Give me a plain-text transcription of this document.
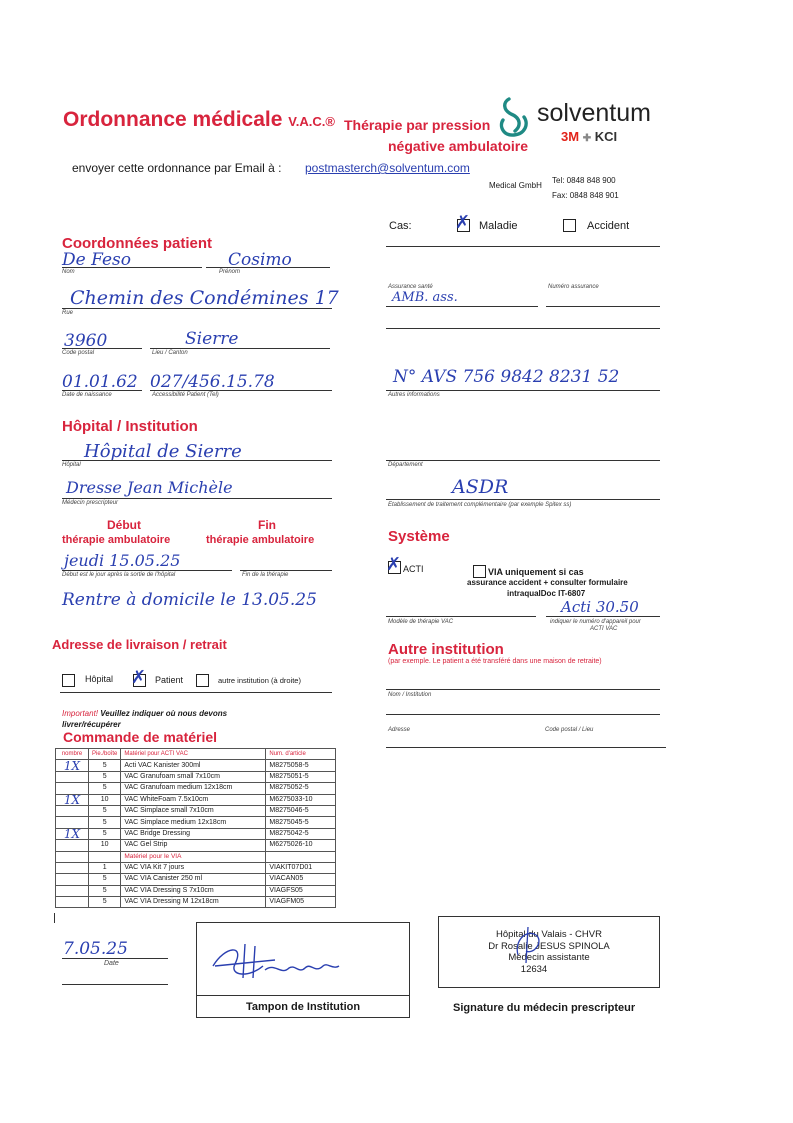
Ordonnance médicale V.A.C.® Thérapie par pression
négative ambulatoire
solventum
3M ✚ KCI
envoyer cette ordonnance par Email à : postmasterch@solventum.com
Medical GmbH
Tel: 0848 848 900
Fax: 0848 848 901
Cas: ✗ Maladie	Accident
Coordonnées patient
De Feso
Nom
Cosimo
Prénom
Chemin des Condémines 17
Rue
3960
Code postal
Sierre
Lieu / Canton
01.01.62
Date de naissance
027/456.15.78
Accessibilité Patient (Tel)
Assurance santé
AMB. ass.
Numéro assurance
N° AVS 756 9842 8231 52
Autres informations
Hôpital / Institution
Hôpital de Sierre
Hôpital
Dresse Jean Michèle
Médecin prescripteur
Département
ASDR
Etablissement de traitement complémentaire (par exemple Spitex ss)
Début	Fin
thérapie ambulatoire	thérapie ambulatoire
jeudi 15.05.25
Début est le jour après la sortie de l'hôpital	Fin de la thérapie
Rentre à domicile le 13.05.25
Système
✗ ACTI	VIA uniquement si cas
assurance accident + consulter formulaire
intraqualDoc IT-6807
Acti 30.50
Modèle de thérapie VAC	indiquer le numéro d'appareil pour
ACTI VAC
Autre institution
(par exemple. Le patient a été transféré dans une maison de retraite)
Nom / Institution
Adresse	Code postal / Lieu
Adresse de livraison / retrait
Hôpital ✗ Patient	autre institution (à droite)
Important! Veuillez indiquer où nous devons
livrer/récupérer
Commande de matériel
nombre	Pie./boîte	Matériel pour ACTI VAC	Num. d'article
1X	5	Acti VAC Kanister 300ml	M8275058-5
	5	VAC Granufoam small 7x10cm	M8275051-5
	5	VAC Granufoam medium 12x18cm	M8275052-5
1X	10	VAC WhiteFoam 7.5x10cm	M6275033-10
	5	VAC Simplace small 7x10cm	M8275046-5
	5	VAC Simplace medium 12x18cm	M8275045-5
1X	5	VAC Bridge Dressing	M8275042-5
	10	VAC Gel Strip	M6275026-10
		Matériel pour le VIA	
	1	VAC VIA Kit 7 jours	VIAKIT07D01
	5	VAC VIA Canister 250 ml	VIACAN05
	5	VAC VIA Dressing S 7x10cm	VIAGFS05
	5	VAC VIA Dressing M 12x18cm	VIAGFM05
7.05.25
Date
Tampon de Institution
Hôpital du Valais - CHVR
Dr Rosalie JESUS SPINOLA
Médecin assistante
12634
Signature du médecin prescripteur
